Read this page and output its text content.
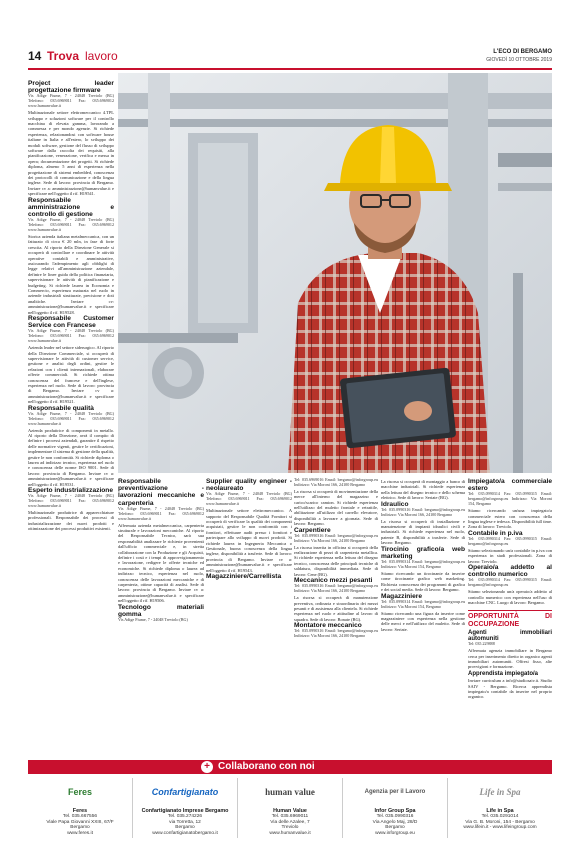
14 Trova lavoro	L'ECO DI BERGAMO
GIOVEDÌ 10 OTTOBRE 2019
Project leader progettazione firmware
Vis Adige Fiume, 7 - 24048 Treviolo (BG) Telefono: 035.6969011 Fax: 035.6969012 www.humanvalue.it

Multinazionale settore elettromeccanico 4.TPL sviluppo e soluzioni software per il controllo macchina di elevata gamma, lavorando a commessa e per mondo agenzie. Si richiede esperienza, relazionandosi con software house italiane in Italia e all'estero, lo sviluppo dei moduli software, gestione del flusso di sviluppo software dalla raccolta dei requisiti, alla pianificazione, venerazione, verifica e messa in opera; documentazione dei progetti. Si richiede diploma, almeno 5 anni di esperienza nella progettazione di sistemi embedded, conoscenza dei protocolli di comunicazione e della lingua inglese. Sede di lavoro: provincia di Bergamo. Inviare cv a: amministrazione@humanvalue.it e specificare nell'oggetto il rif. H19541.

Responsabile amministrazione e controllo di gestione
Vis Adige Fiume, 7 - 24048 Treviolo (BG) Telefono: 035.6969011 Fax: 035.6969012 www.humanvalue.it

Storica azienda italiana metalmeccanica, con un fatturato di circa € 20 mln, in fase di forte crescita. Al riporto della Direzione Generale si occuperà di controllare e coordinare le attività operative contabili e amministrative, assicurando l'adempimento agli obblighi di legge relativi all'amministrazione aziendale, definire le linee guida della politica finanziaria, supervisionare le attività di pianificazione e budgeting. Si richiede laurea in Economia e Commercio, esperienza maturata nel ruolo in aziende industriali strutturate, precisione e doti analitiche. Inviare cv: amministrazione@humanvalue.it e specificare nell'oggetto il rif. H19528.

Responsabile Customer Service con Francese
Vis Adige Fiume, 7 - 24048 Treviolo (BG) Telefono: 035.6969011 Fax: 035.6969012 www.humanvalue.it

Azienda leader nel settore siderurgico. Al riporto della Direzione Commerciale, si occuperà di supervisionare le attività di customer service, gestione e analisi degli ordini, gestire le relazioni con i clienti internazionali, elaborare offerte commerciali. Si richiede ottima conoscenza del francese e dell'inglese, esperienza nel ruolo. Sede di lavoro: provincia di Bergamo. Inviare cv a: amministrazione@humanvalue.it e specificare nell'oggetto il rif. H19521.

Responsabile qualità
Vis Adige Fiume, 7 - 24048 Treviolo (BG) Telefono: 035.6969011 Fax: 035.6969012 www.humanvalue.it

Azienda produttrice di componenti in metallo. Al riporto della Direzione, avrà il compito di definire i processi aziendali, garantire il rispetto delle normative vigenti, gestire le certificazioni, implementare il sistema di gestione della qualità, gestire le non conformità. Si richiede diploma o laurea ad indirizzo tecnico, esperienza nel ruolo e conoscenza delle norme ISO 9001. Sede di lavoro: provincia di Bergamo. Inviare cv a: amministrazione@humanvalue.it e specificare nell'oggetto il rif. H19531.

Esperto industrializzazione
Vis Adige Fiume, 7 - 24048 Treviolo (BG) Telefono: 035.6969011 Fax: 035.6969012 www.humanvalue.it

Multinazionale produttrice di apparecchiature professionali. Responsabile dei processi di industrializzazione dei nuovi prodotti e ottimizzazione dei processi produttivi esistenti.

Responsabile preventivazione - lavorazioni meccaniche e carpenteria
Vis Adige Fiume, 7 - 24048 Treviolo (BG) Telefono: 035.6969011 Fax: 035.6969012 www.humanvalue.it

Affermata azienda metalmeccanica, carpenteria strutturale e lavorazioni meccaniche. Al riporto del Responsabile Tecnico, sarà sua responsabilità analizzare le richieste provenienti dall'ufficio commerciale e, in stretta collaborazione con la Produzione e gli Acquisti, definire i costi e i tempi di approvvigionamento e lavorazione, redigere le offerte tecniche ed economiche. Si richiede diploma o laurea ad indirizzo tecnico, esperienza nel ruolo, conoscenza delle lavorazioni meccaniche e di carpenteria, ottime capacità di analisi. Sede di lavoro: provincia di Bergamo. Inviare cv a: amministrazione@humanvalue.it e specificare nell'oggetto il rif. H19506.

Tecnologo materiali gomma
Vis Adige Fiume, 7 - 24048 Treviolo (BG)

Supplier quality engineer - neolaureato
Vis Adige Fiume, 7 - 24048 Treviolo (BG) Telefono: 035.6969011 Fax: 035.6969012 www.humanvalue.it

Multinazionale settore elettromeccanico. A supporto del Responsabile Qualità Fornitori si occuperà di verificare la qualità dei componenti acquistati, gestire le non conformità con i fornitori, effettuare audit presso i fornitori e partecipare allo sviluppo di nuovi prodotti. Si richiede laurea in Ingegneria Meccanica o Gestionale, buona conoscenza della lingua inglese, disponibilità a trasferte. Sede di lavoro: provincia di Bergamo. Inviare cv a: amministrazione@humanvalue.it e specificare nell'oggetto il rif. H19543.

Magazziniere/Carrellista

Tel: 035.6969016 Email: bergamo@inforgroup.eu Indirizzo: Via Moroni 166, 24100 Bergamo

La risorsa si occuperà di movimentazione della merce all'interno del magazzino e carico/scarico camion. Si richiede esperienza nell'utilizzo del muletto frontale e retrattile, abilitazione all'utilizzo del carrello elevatore, disponibilità a lavorare a giornata. Sede di lavoro: Bergamo.

Carpentiere
Tel: 035.0990316 Email: bergamo@inforgroup.eu Indirizzo: Via Moroni 166, 24100 Bergamo

La risorsa inserita in officina si occuperà della realizzazione di pezzi di carpenteria metallica. Si richiede esperienza nella lettura del disegno tecnico, conoscenza delle principali tecniche di saldatura, disponibilità immediata. Sede di lavoro: Cene (BG).

Meccanico mezzi pesanti
Tel: 035.0990316 Email: bergamo@inforgroup.eu Indirizzo: Via Moroni 166, 24100 Bergamo

La risorsa si occuperà di manutenzione preventiva, ordinaria e straordinaria dei mezzi pesanti e di assistenza alla clientela. Si richiede esperienza nel ruolo e attitudine al lavoro di squadra. Sede di lavoro: Bonate (BG).

Montatore meccanico
Tel: 035.0990316 Email: bergamo@inforgroup.eu Indirizzo: Via Moroni 166, 24100 Bergamo

La risorsa si occuperà di montaggio a banco di macchine industriali. Si richiede esperienza nella lettura del disegno tecnico e dello schema elettrico. Sede di lavoro: Seriate (BG).

Idraulico
Tel: 035.0990316 Email: bergamo@inforgroup.eu Indirizzo: Via Moroni 166, 24100 Bergamo

La risorsa si occuperà di installazione e manutenzione di impianti idraulici civili e industriali. Si richiede esperienza nel ruolo, patente B, disponibilità a trasferte. Sede di lavoro: Bergamo.

Tirocinio grafico/a web marketing
Tel: 035.0990314 Email: bergamo@inforgroup.eu Indirizzo: Via Moroni 154, Bergamo

Stiamo ricercando un tirocinante da inserire come tirocinante grafico web marketing. Richiesta conoscenza dei programmi di grafica e dei social media. Sede di lavoro: Bergamo.

Magazziniere
Tel: 035.0990314 Email: bergamo@inforgroup.eu Indirizzo: Via Moroni 154, Bergamo

Stiamo ricercando una figura da inserire come magazziniere con esperienza nella gestione delle merci e nell'utilizzo del muletto. Sede di lavoro: Seriate.

Impiegato/a commerciale estero
Tel: 035.0990314 Fax: 035.0990315 Email: bergamo@inforgroup.eu Indirizzo: Via Moroni 154, Bergamo

Stiamo ricercando un/una impiegato/a commerciale estero con conoscenza della lingua inglese e tedesca. Disponibilità full time. Zona di lavoro: Treviolo.

Contabile in p.iva
Tel: 035.0990314 Fax: 035.0990315 Email: bergamo@inforgroup.eu

Stiamo selezionando un/a contabile in p.iva con esperienza in studi professionali. Zona di lavoro: Treviolo.

Operaio/a addetto al controllo numerico
Tel: 035.0990314 Fax: 035.0990315 Email: bergamo@inforgroup.eu

Stiamo selezionando un/a operaio/a addetto al controllo numerico con esperienza nell'uso di macchine CNC. Luogo di lavoro: Bergamo.

OPPORTUNITÀ DI OCCUPAZIONE
Agenti immobiliari automuniti
Tel: 035.229888

Affermata agenzia immobiliare in Bergamo cerca per inserimento diretto in organico agenti immobiliari automuniti. Offresi fisso, alte provvigioni e formazione.

Apprendista impiegato/a

Inviare curriculum a info@studiosaiv.it. Studio SAIV - Bergamo. Ricerca apprendista impiegato/a contabile da inserire nel proprio organico.

+ Collaborano con noi
Feres
Feres
Tel. 035.667556
Viale Papa Giovanni XXIII, 67/F
Bergamo
www.feres.it
Confartigianato
Confartigianato Imprese Bergamo
Tel. 035.274226
via Torretta, 12
Bergamo
www.confartigianatobergamo.it
human value
Human Value
Tel. 035.6969011
Via delle Azalee, 7
Treviolo
www.humanvalue.it
Agenzia per il Lavoro
Infor Group Spa
Tel. 035.0990316
Via Angelo Maj, 28/D
Bergamo
www.inforgroup.eu
Life in Spa
Life in Spa
Tel. 035.0291014
Via G. B. Moroni, 154 - Bergamo
www.lifein.it - www.lifeingroup.com
